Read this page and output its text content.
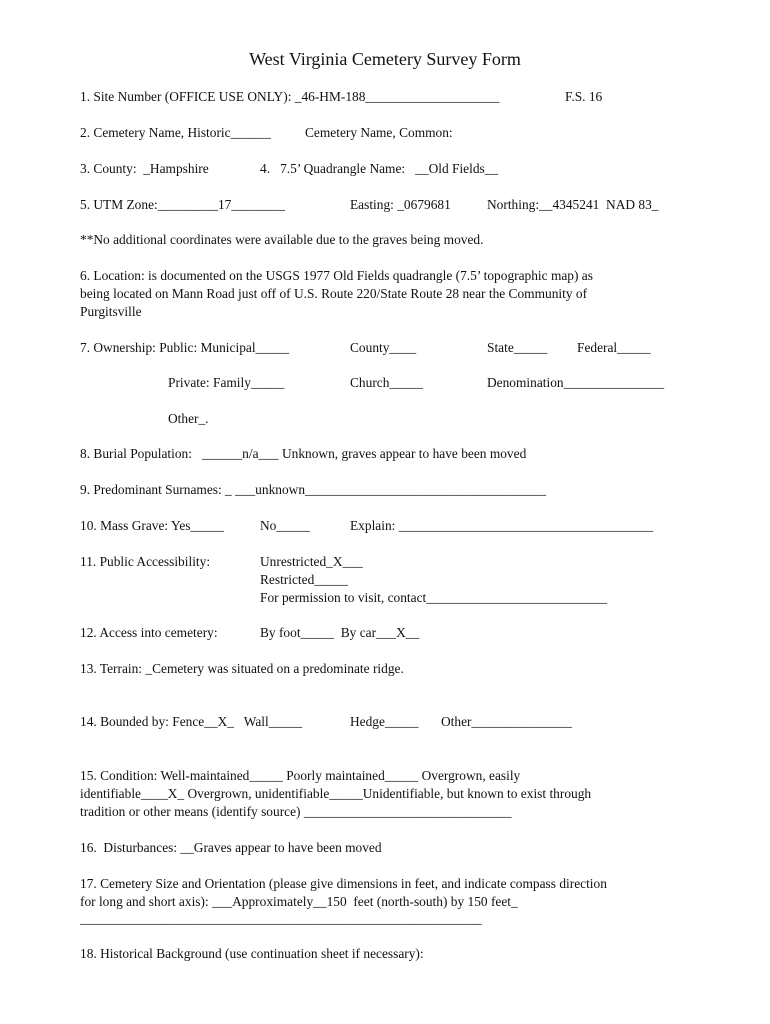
West Virginia Cemetery Survey Form
1. Site Number (OFFICE USE ONLY): _46-HM-188____________________	F.S. 16
2. Cemetery Name, Historic______	Cemetery Name, Common:
3. County:  _Hampshire	4.   7.5’ Quadrangle Name:   __Old Fields__
5. UTM Zone:_________17________	Easting: _0679681	Northing:__4345241  NAD 83_
**No additional coordinates were available due to the graves being moved.
6. Location: is documented on the USGS 1977 Old Fields quadrangle (7.5’ topographic map) as
being located on Mann Road just off of U.S. Route 220/State Route 28 near the Community of
Purgitsville
7. Ownership: Public: Municipal_____	County____	State_____ Federal_____
Private: Family_____	Church_____	Denomination_______________
Other_.
8. Burial Population:   ______n/a___ Unknown, graves appear to have been moved
9. Predominant Surnames: _ ___unknown____________________________________
10. Mass Grave: Yes_____	No_____	Explain: ______________________________________
11. Public Accessibility:	Unrestricted_X___
Restricted_____
For permission to visit, contact___________________________
12. Access into cemetery:	By foot_____  By car___X__
13. Terrain: _Cemetery was situated on a predominate ridge.
14. Bounded by: Fence__X_   Wall_____	Hedge_____ Other_______________
15. Condition: Well-maintained_____ Poorly maintained_____ Overgrown, easily
identifiable____X_ Overgrown, unidentifiable_____Unidentifiable, but known to exist through
tradition or other means (identify source) _______________________________
16.  Disturbances: __Graves appear to have been moved
17. Cemetery Size and Orientation (please give dimensions in feet, and indicate compass direction
for long and short axis): ___Approximately__150  feet (north-south) by 150 feet_
____________________________________________________________
18. Historical Background (use continuation sheet if necessary):
